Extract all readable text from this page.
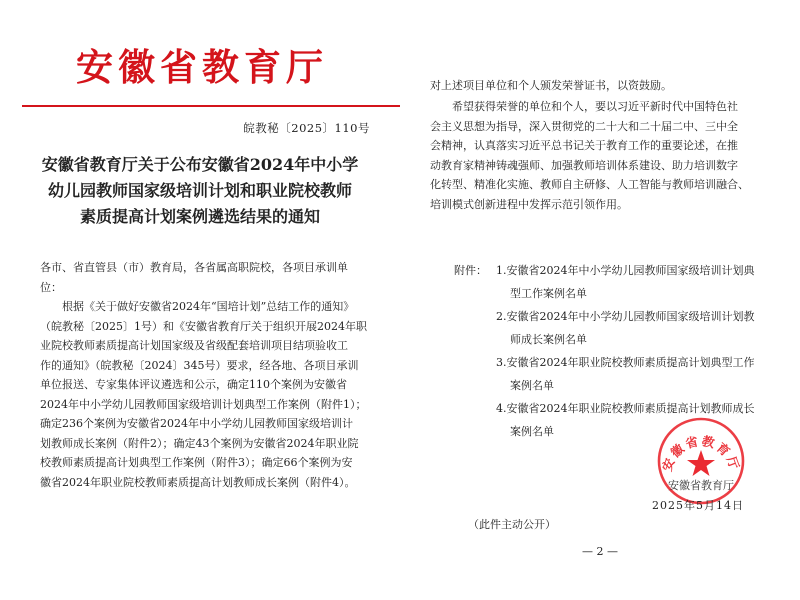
安徽省教育厅
皖教秘〔2025〕110号
安徽省教育厅关于公布安徽省2024年中小学
幼儿园教师国家级培训计划和职业院校教师
素质提高计划案例遴选结果的通知
各市、省直管县（市）教育局，各省属高职院校，各项目承训单
位：
根据《关于做好安徽省2024年“国培计划”总结工作的通知》
（皖教秘〔2025〕1号）和《安徽省教育厅关于组织开展2024年职
业院校教师素质提高计划国家级及省级配套培训项目结项验收工
作的通知》（皖教秘〔2024〕345号）要求，经各地、各项目承训
单位报送、专家集体评议遴选和公示，确定110个案例为安徽省
2024年中小学幼儿园教师国家级培训计划典型工作案例（附件1）；
确定236个案例为安徽省2024年中小学幼儿园教师国家级培训计
划教师成长案例（附件2）；确定43个案例为安徽省2024年职业院
校教师素质提高计划典型工作案例（附件3）；确定66个案例为安
徽省2024年职业院校教师素质提高计划教师成长案例（附件4）。
对上述项目单位和个人颁发荣誉证书，以资鼓励。
希望获得荣誉的单位和个人，要以习近平新时代中国特色社
会主义思想为指导，深入贯彻党的二十大和二十届二中、三中全
会精神，认真落实习近平总书记关于教育工作的重要论述，在推
动教育家精神铸魂强师、加强教师培训体系建设、助力培训数字
化转型、精准化实施、教师自主研修、人工智能与教师培训融合、
培训模式创新进程中发挥示范引领作用。
附件： 1.安徽省2024年中小学幼儿园教师国家级培训计划典
型工作案例名单
2.安徽省2024年中小学幼儿园教师国家级培训计划教
师成长案例名单
3.安徽省2024年职业院校教师素质提高计划典型工作
案例名单
4.安徽省2024年职业院校教师素质提高计划教师成长
案例名单
安徽省教育厅
安徽省教育厅
2025年5月14日
（此件主动公开）
— 2 —
